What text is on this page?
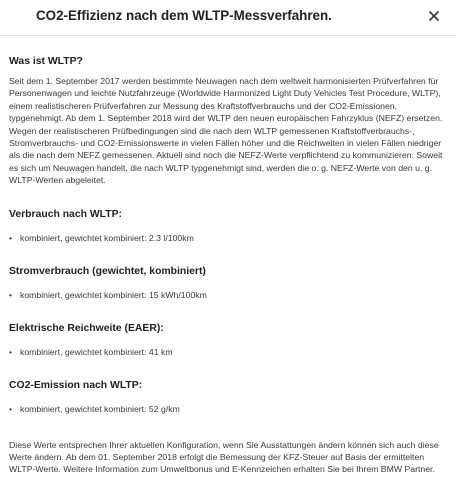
CO2-Effizienz nach dem WLTP-Messverfahren.
Was ist WLTP?

Seit dem 1. September 2017 werden bestimmte Neuwagen nach dem weltweit harmonisierten Prüfverfahren für Personenwagen und leichte Nutzfahrzeuge (Worldwide Harmonized Light Duty Vehicles Test Procedure, WLTP), einem realistischeren Prüfverfahren zur Messung des Kraftstoffverbrauchs und der CO2-Emissionen, typgenehmigt. Ab dem 1. September 2018 wird der WLTP den neuen europäischen Fahrzyklus (NEFZ) ersetzen. Wegen der realistischeren Prüfbedingungen sind die nach dem WLTP gemessenen Kraftstoffverbrauchs-, Stromverbrauchs- und CO2-Emissionswerte in vielen Fällen höher und die Reichweiten in vielen Fällen niedriger als die nach dem NEFZ gemessenen. Aktuell sind noch die NEFZ-Werte verpflichtend zu kommunizieren. Soweit es sich um Neuwagen handelt, die nach WLTP typgenehmigt sind, werden die o. g. NEFZ-Werte von den u. g. WLTP-Werten abgeleitet.

Verbrauch nach WLTP:
• kombiniert, gewichtet kombiniert: 2.3 l/100km
Stromverbrauch (gewichtet, kombiniert)
• kombiniert, gewichtet kombiniert: 15 kWh/100km
Elektrische Reichweite (EAER):
• kombiniert, gewichtet kombiniert: 41 km
CO2-Emission nach WLTP:
• kombiniert, gewichtet kombiniert: 52 g/km

Diese Werte entsprechen Ihrer aktuellen Konfiguration, wenn Sie Ausstattungen ändern können sich auch diese Werte ändern. Ab dem 01. September 2018 erfolgt die Bemessung der KFZ-Steuer auf Basis der ermittelten WLTP-Werte. Weitere Information zum Umweltbonus und E-Kennzeichen erhalten Sie bei Ihrem BMW Partner.
